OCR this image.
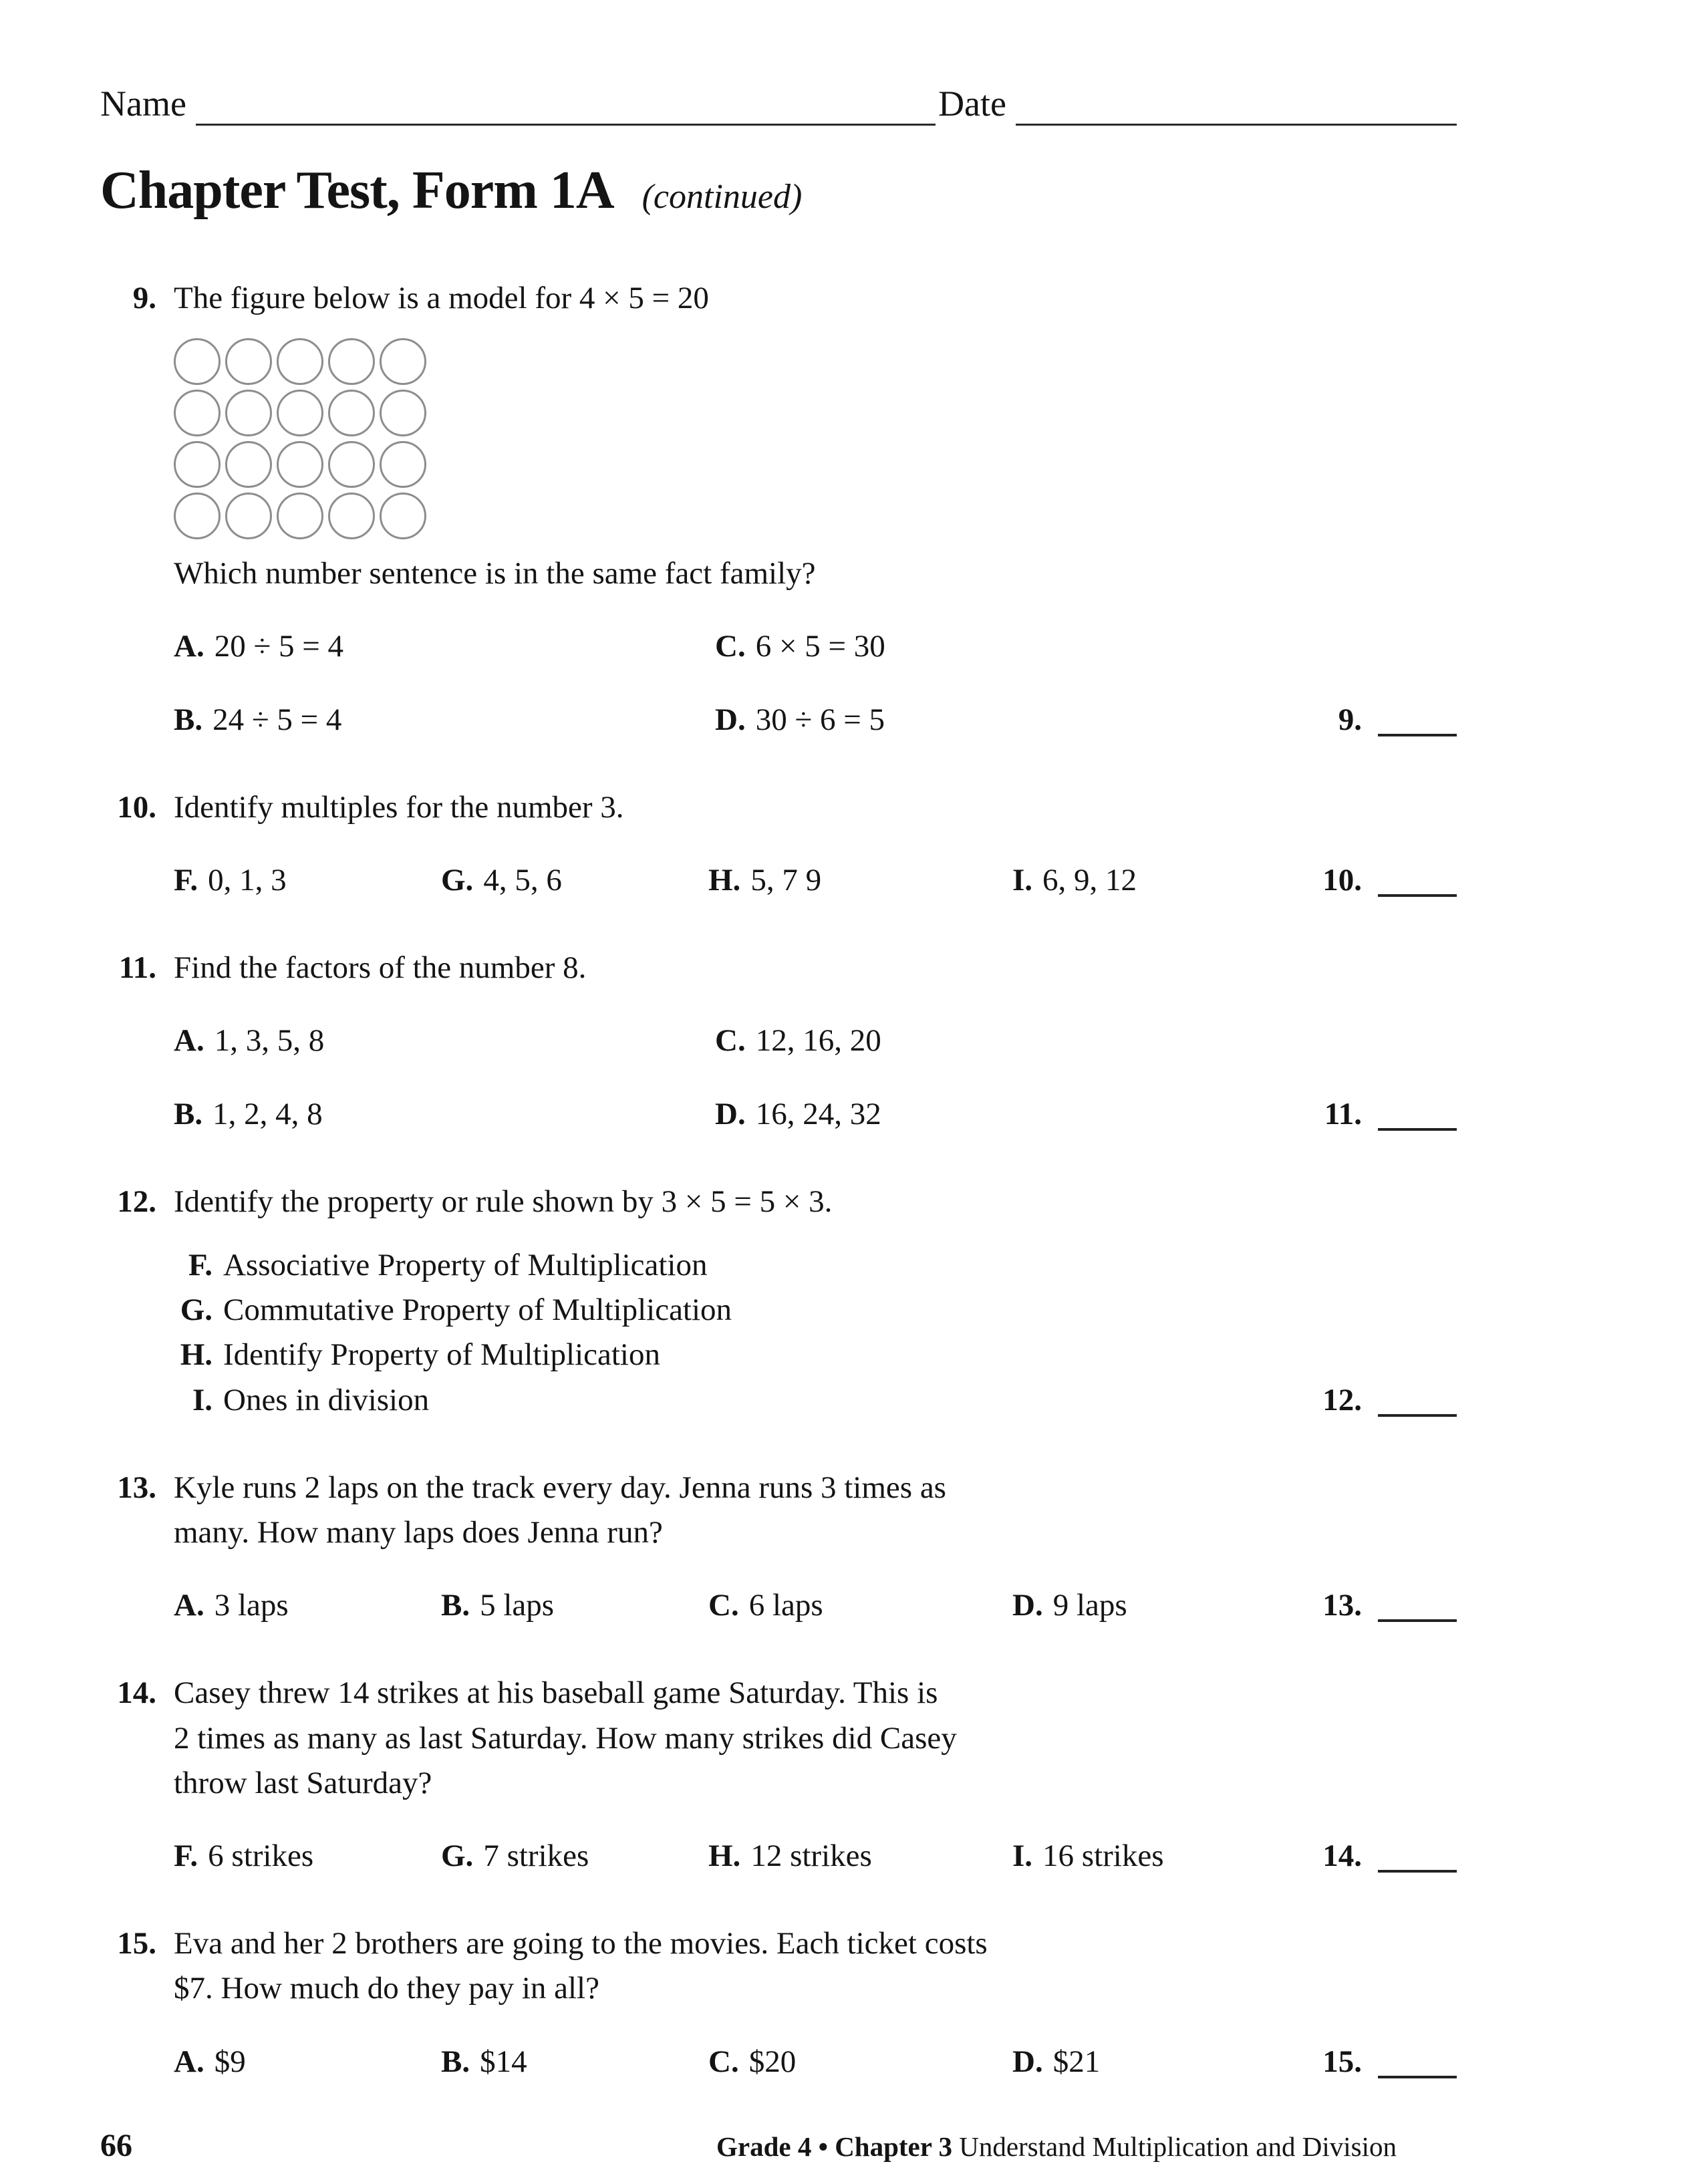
Name	Date
Chapter Test, Form 1A (continued)
9. The figure below is a model for 4 × 5 = 20
Which number sentence is in the same fact family?
A. 20 ÷ 5 = 4	C. 6 × 5 = 30
B. 24 ÷ 5 = 4	D. 30 ÷ 6 = 5	9.
10. Identify multiples for the number 3.
F. 0, 1, 3	G. 4, 5, 6	H. 5, 7 9	I. 6, 9, 12	10.
11. Find the factors of the number 8.
A. 1, 3, 5, 8	C. 12, 16, 20
B. 1, 2, 4, 8	D. 16, 24, 32	11.
12. Identify the property or rule shown by 3 × 5 = 5 × 3.
F. Associative Property of Multiplication
G. Commutative Property of Multiplication
H. Identify Property of Multiplication
I. Ones in division	12.
13. Kyle runs 2 laps on the track every day. Jenna runs 3 times as
many. How many laps does Jenna run?
A. 3 laps	B. 5 laps	C. 6 laps	D. 9 laps	13.
14. Casey threw 14 strikes at his baseball game Saturday. This is
2 times as many as last Saturday. How many strikes did Casey
throw last Saturday?
F. 6 strikes	G. 7 strikes	H. 12 strikes	I. 16 strikes	14.
15. Eva and her 2 brothers are going to the movies. Each ticket costs
$7. How much do they pay in all?
A. $9	B. $14	C. $20	D. $21	15.
66	Grade 4 • Chapter 3 Understand Multiplication and Division
